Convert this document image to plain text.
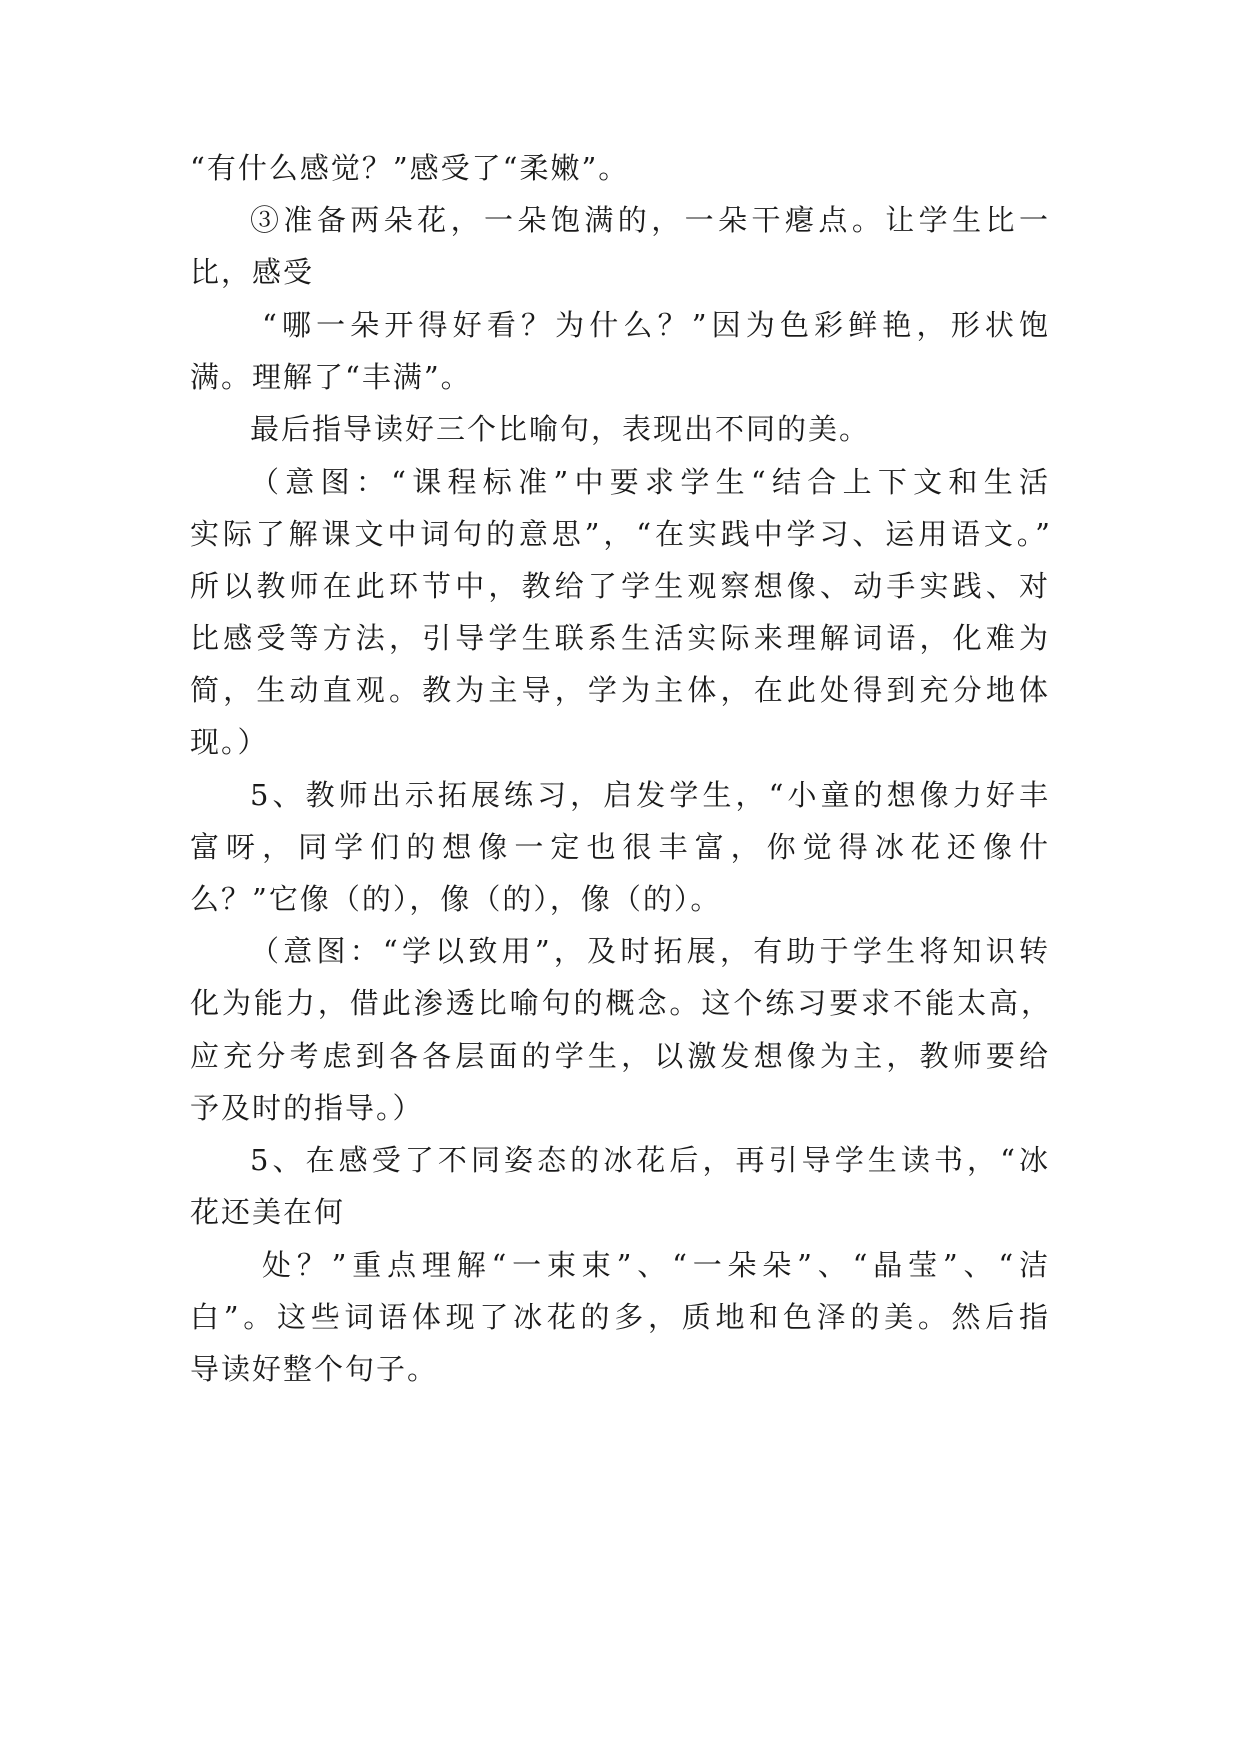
“有什么感觉？”感受了“柔嫩”。
③准备两朵花，一朵饱满的，一朵干瘪点。让学生比一
比，感受
“哪一朵开得好看？为什么？”因为色彩鲜艳，形状饱
满。理解了“丰满”。
最后指导读好三个比喻句，表现出不同的美。
（意图：“课程标准”中要求学生“结合上下文和生活
实际了解课文中词句的意思”，“在实践中学习、运用语文。”
所以教师在此环节中，教给了学生观察想像、动手实践、对
比感受等方法，引导学生联系生活实际来理解词语，化难为
简，生动直观。教为主导，学为主体，在此处得到充分地体
现。）
5、教师出示拓展练习，启发学生，“小童的想像力好丰
富呀，同学们的想像一定也很丰富，你觉得冰花还像什
么？”它像（的），像（的），像（的）。
（意图：“学以致用”，及时拓展，有助于学生将知识转
化为能力，借此渗透比喻句的概念。这个练习要求不能太高，
应充分考虑到各各层面的学生，以激发想像为主，教师要给
予及时的指导。）
5、在感受了不同姿态的冰花后，再引导学生读书，“冰
花还美在何
处？”重点理解“一束束”、“一朵朵”、“晶莹”、“洁
白”。这些词语体现了冰花的多，质地和色泽的美。然后指
导读好整个句子。
